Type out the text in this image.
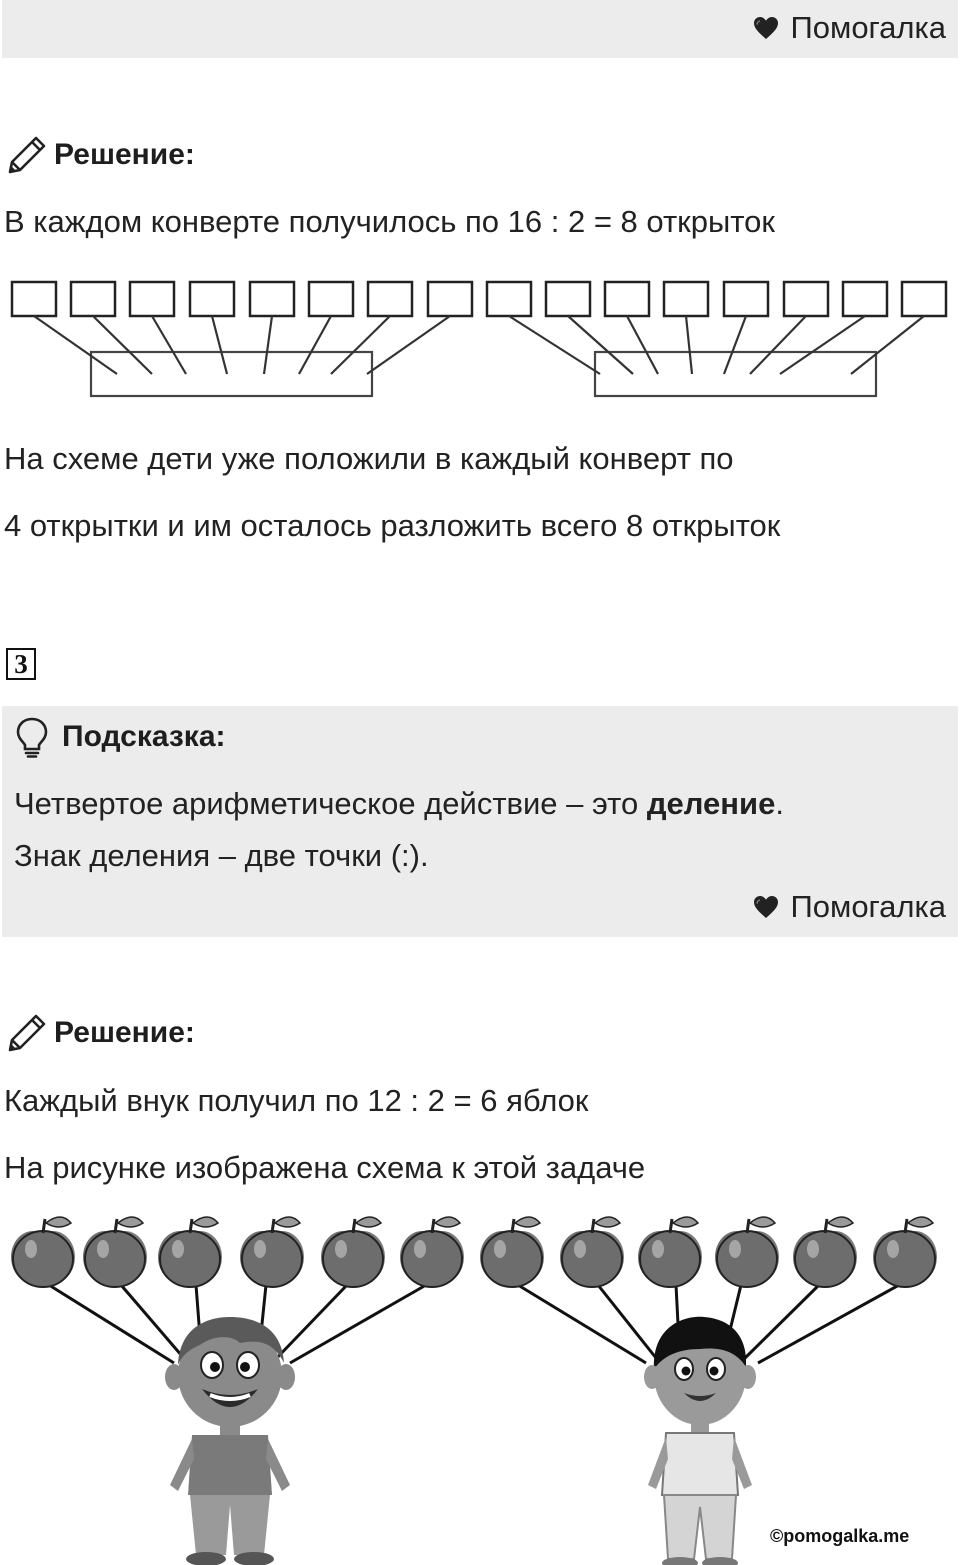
Помогалка
Решение:
В каждом конверте получилось по 16 : 2 = 8 открыток
На схеме дети уже положили в каждый конверт по
4 открытки и им осталось разложить всего 8 открыток
3
Подсказка:
Четвертое арифметическое действие – это деление.
Знак деления – две точки (:).
Помогалка
Решение:
Каждый внук получил по 12 : 2 = 6 яблок
На рисунке изображена схема к этой задаче
©pomogalka.me
